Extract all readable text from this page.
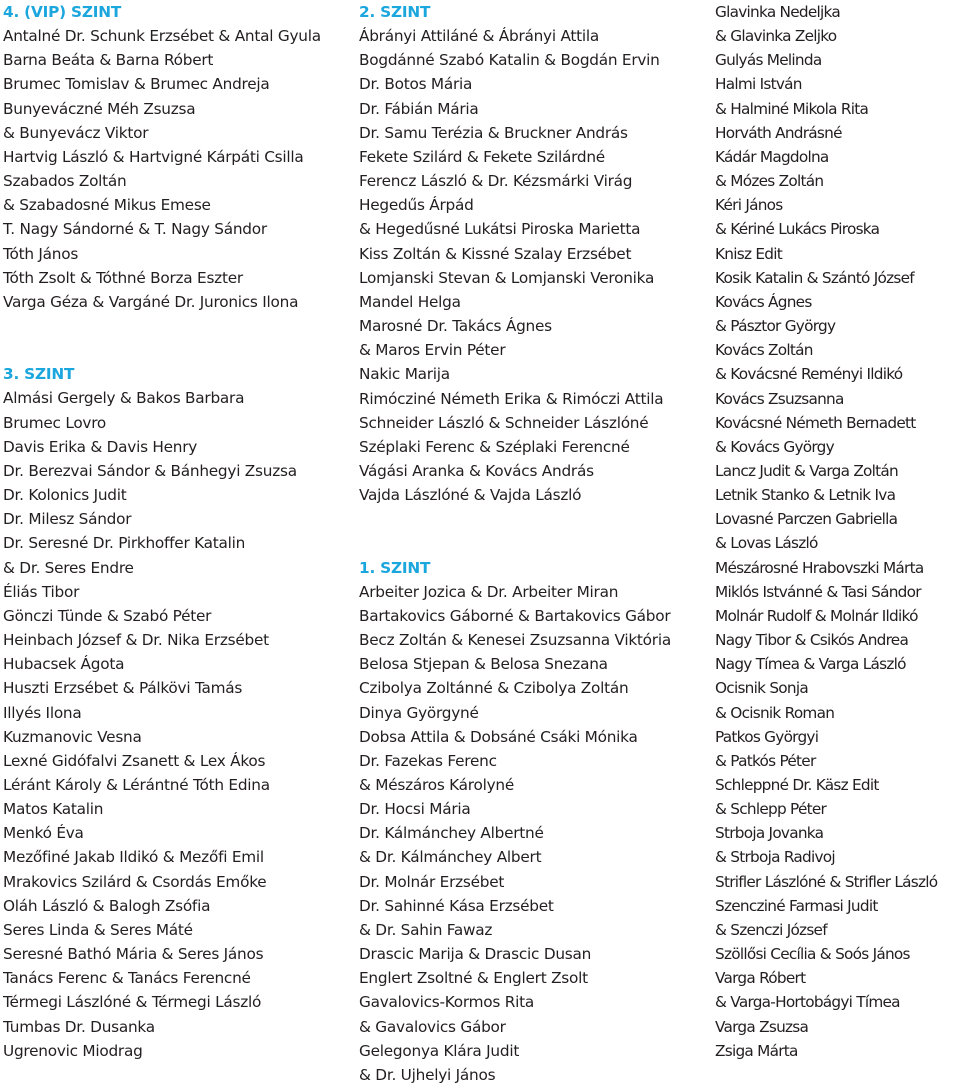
4. (VIP) SZINT
Antalné Dr. Schunk Erzsébet & Antal Gyula
Barna Beáta & Barna Róbert
Brumec Tomislav & Brumec Andreja
Bunyeváczné Méh Zsuzsa
& Bunyevácz Viktor
Hartvig László & Hartvigné Kárpáti Csilla
Szabados Zoltán
& Szabadosné Mikus Emese
T. Nagy Sándorné & T. Nagy Sándor
Tóth János
Tóth Zsolt & Tóthné Borza Eszter
Varga Géza & Vargáné Dr. Juronics Ilona
3. SZINT
Almási Gergely & Bakos Barbara
Brumec Lovro
Davis Erika & Davis Henry
Dr. Berezvai Sándor & Bánhegyi Zsuzsa
Dr. Kolonics Judit
Dr. Milesz Sándor
Dr. Seresné Dr. Pirkhoffer Katalin
& Dr. Seres Endre
Éliás Tibor
Gönczi Tünde & Szabó Péter
Heinbach József & Dr. Nika Erzsébet
Hubacsek Ágota
Huszti Erzsébet & Pálkövi Tamás
Illyés Ilona
Kuzmanovic Vesna
Lexné Gidófalvi Zsanett & Lex Ákos
Léránt Károly & Lérántné Tóth Edina
Matos Katalin
Menkó Éva
Mezőfiné Jakab Ildikó & Mezőfi Emil
Mrakovics Szilárd & Csordás Emőke
Oláh László & Balogh Zsófia
Seres Linda & Seres Máté
Seresné Bathó Mária & Seres János
Tanács Ferenc & Tanács Ferencné
Térmegi Lászlóné & Térmegi László
Tumbas Dr. Dusanka
Ugrenovic Miodrag
2. SZINT
Ábrányi Attiláné & Ábrányi Attila
Bogdánné Szabó Katalin & Bogdán Ervin
Dr. Botos Mária
Dr. Fábián Mária
Dr. Samu Terézia & Bruckner András
Fekete Szilárd & Fekete Szilárdné
Ferencz László & Dr. Kézsmárki Virág
Hegedűs Árpád
& Hegedűsné Lukátsi Piroska Marietta
Kiss Zoltán & Kissné Szalay Erzsébet
Lomjanski Stevan & Lomjanski Veronika
Mandel Helga
Marosné Dr. Takács Ágnes
& Maros Ervin Péter
Nakic Marija
Rimócziné Németh Erika & Rimóczi Attila
Schneider László & Schneider Lászlóné
Széplaki Ferenc & Széplaki Ferencné
Vágási Aranka & Kovács András
Vajda Lászlóné & Vajda László
1. SZINT
Arbeiter Jozica & Dr. Arbeiter Miran
Bartakovics Gáborné & Bartakovics Gábor
Becz Zoltán & Kenesei Zsuzsanna Viktória
Belosa Stjepan & Belosa Snezana
Czibolya Zoltánné & Czibolya Zoltán
Dinya Györgyné
Dobsa Attila & Dobsáné Csáki Mónika
Dr. Fazekas Ferenc
& Mészáros Károlyné
Dr. Hocsi Mária
Dr. Kálmánchey Albertné
& Dr. Kálmánchey Albert
Dr. Molnár Erzsébet
Dr. Sahinné Kása Erzsébet
& Dr. Sahin Fawaz
Drascic Marija & Drascic Dusan
Englert Zsoltné & Englert Zsolt
Gavalovics-Kormos Rita
& Gavalovics Gábor
Gelegonya Klára Judit
& Dr. Ujhelyi János
Glavinka Nedeljka
& Glavinka Zeljko
Gulyás Melinda
Halmi István
& Halminé Mikola Rita
Horváth Andrásné
Kádár Magdolna
& Mózes Zoltán
Kéri János
& Kériné Lukács Piroska
Knisz Edit
Kosik Katalin & Szántó József
Kovács Ágnes
& Pásztor György
Kovács Zoltán
& Kovácsné Reményi Ildikó
Kovács Zsuzsanna
Kovácsné Németh Bernadett
& Kovács György
Lancz Judit & Varga Zoltán
Letnik Stanko & Letnik Iva
Lovasné Parczen Gabriella
& Lovas László
Mészárosné Hrabovszki Márta
Miklós Istvánné & Tasi Sándor
Molnár Rudolf & Molnár Ildikó
Nagy Tibor & Csikós Andrea
Nagy Tímea & Varga László
Ocisnik Sonja
& Ocisnik Roman
Patkos Györgyi
& Patkós Péter
Schleppné Dr. Käsz Edit
& Schlepp Péter
Strboja Jovanka
& Strboja Radivoj
Strifler Lászlóné & Strifler László
Szencziné Farmasi Judit
& Szenczi József
Szöllősi Cecília & Soós János
Varga Róbert
& Varga-Hortobágyi Tímea
Varga Zsuzsa
Zsiga Márta
